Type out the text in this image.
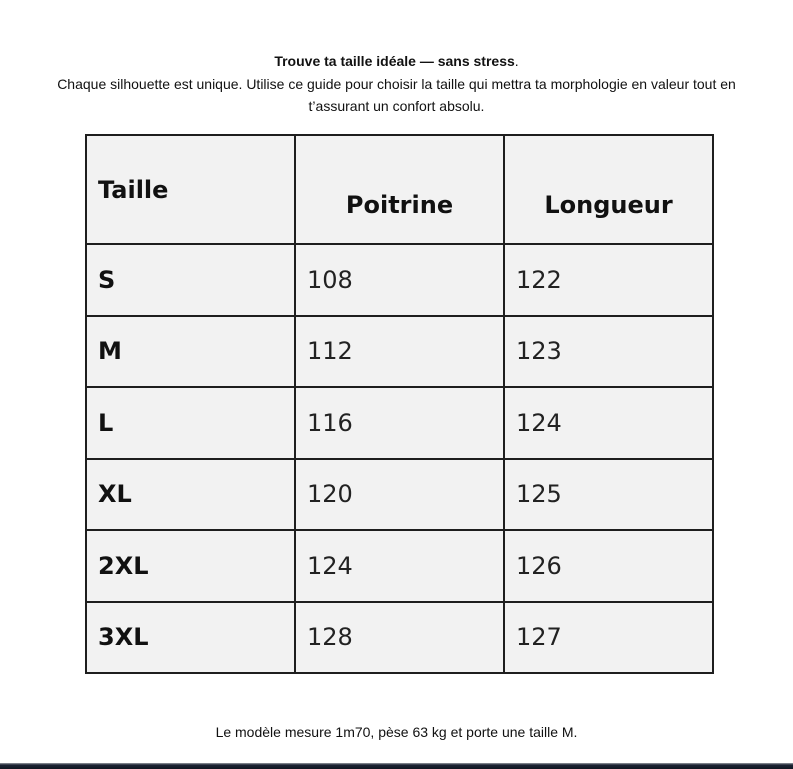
Trouve ta taille idéale — sans stress.
Chaque silhouette est unique. Utilise ce guide pour choisir la taille qui mettra ta morphologie en valeur tout en t’assurant un confort absolu.
Taille	Poitrine	Longueur
S	108	122
M	112	123
L	116	124
XL	120	125
2XL	124	126
3XL	128	127
Le modèle mesure 1m70, pèse 63 kg et porte une taille M.
